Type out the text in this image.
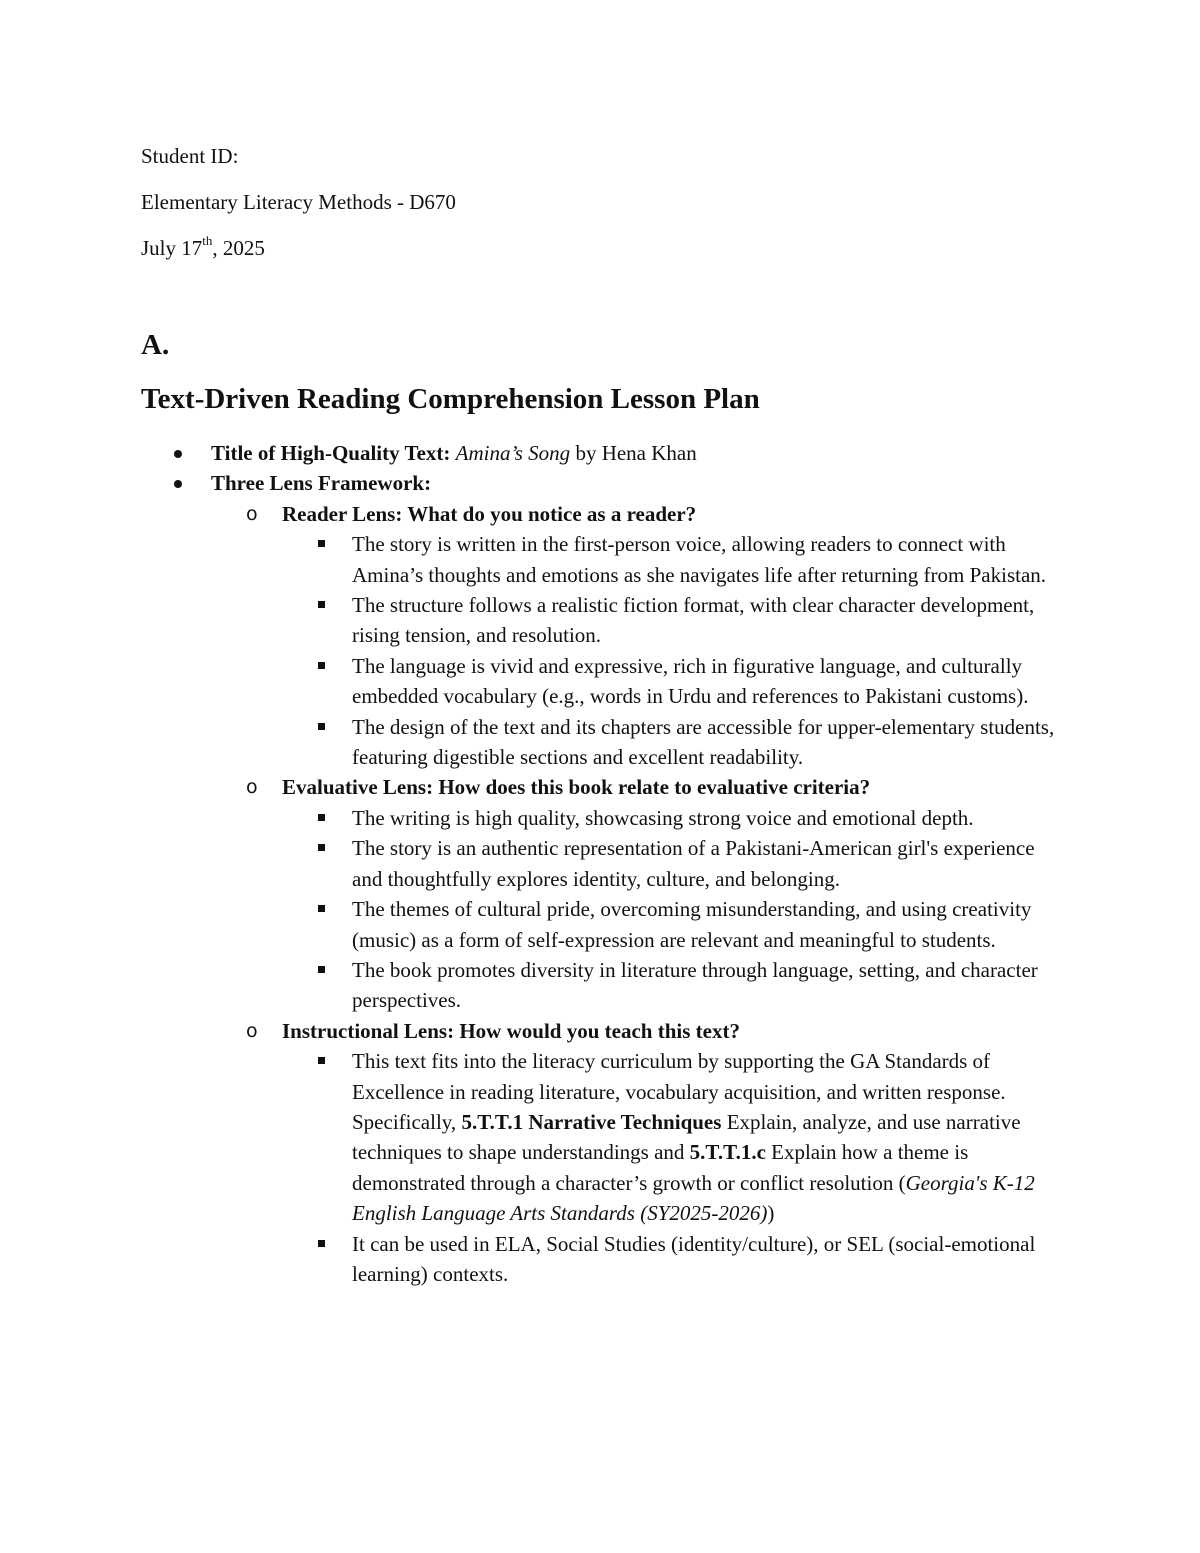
Student ID:
Elementary Literacy Methods - D670
July 17th, 2025
A.
Text-Driven Reading Comprehension Lesson Plan
Title of High-Quality Text: Amina’s Song by Hena Khan
Three Lens Framework:
o Reader Lens: What do you notice as a reader?
The story is written in the first-person voice, allowing readers to connect with Amina’s thoughts and emotions as she navigates life after returning from Pakistan.
The structure follows a realistic fiction format, with clear character development, rising tension, and resolution.
The language is vivid and expressive, rich in figurative language, and culturally embedded vocabulary (e.g., words in Urdu and references to Pakistani customs).
The design of the text and its chapters are accessible for upper-elementary students, featuring digestible sections and excellent readability.
o Evaluative Lens: How does this book relate to evaluative criteria?
The writing is high quality, showcasing strong voice and emotional depth.
The story is an authentic representation of a Pakistani-American girl's experience and thoughtfully explores identity, culture, and belonging.
The themes of cultural pride, overcoming misunderstanding, and using creativity (music) as a form of self-expression are relevant and meaningful to students.
The book promotes diversity in literature through language, setting, and character perspectives.
o Instructional Lens: How would you teach this text?
This text fits into the literacy curriculum by supporting the GA Standards of Excellence in reading literature, vocabulary acquisition, and written response. Specifically, 5.T.T.1 Narrative Techniques Explain, analyze, and use narrative techniques to shape understandings and 5.T.T.1.c Explain how a theme is demonstrated through a character’s growth or conflict resolution (Georgia's K-12 English Language Arts Standards (SY2025-2026))
It can be used in ELA, Social Studies (identity/culture), or SEL (social-emotional learning) contexts.
